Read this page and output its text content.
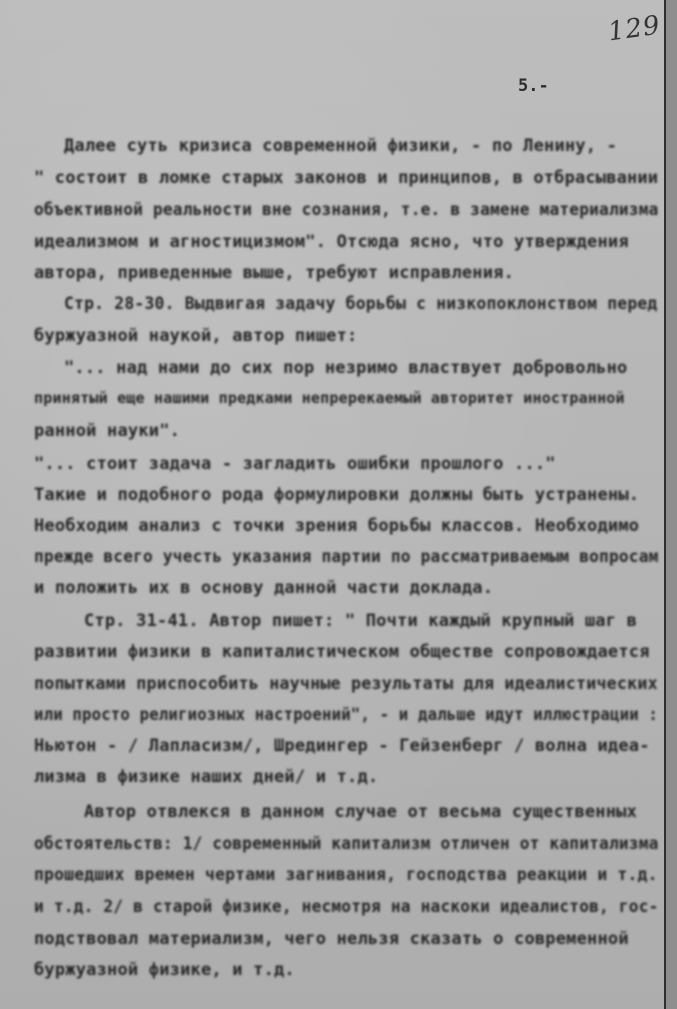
129
5.-
Далее суть кризиса современной физики, - по Ленину, -
" состоит в ломке старых законов и принципов, в отбрасывании
объективной реальности вне сознания, т.е. в замене материализма
идеализмом и агностицизмом". Отсюда ясно, что утверждения
автора, приведенные выше, требуют исправления.
Стр. 28-30. Выдвигая задачу борьбы с низкопоклонством перед
буржуазной наукой, автор пишет:
"... над нами до сих пор незримо властвует добровольно
принятый еще нашими предками непререкаемый авторитет иностранной
ранной науки".
"... стоит задача - загладить ошибки прошлого ..."
Такие и подобного рода формулировки должны быть устранены.
Необходим анализ с точки зрения борьбы классов. Необходимо
прежде всего учесть указания партии по рассматриваемым вопросам
и положить их в основу данной части доклада.
Стр. 31-41. Автор пишет: " Почти каждый крупный шаг в
развитии физики в капиталистическом обществе сопровождается
попытками приспособить научные результаты для идеалистических
или просто религиозных настроений", - и дальше идут иллюстрации :
Ньютон - / Лапласизм/, Шредингер - Гейзенберг / волна идеа-
лизма в физике наших дней/ и т.д.
Автор отвлекся в данном случае от весьма существенных
обстоятельств: 1/ современный капитализм отличен от капитализма
прошедших времен чертами загнивания, господства реакции и т.д.
и т.д. 2/ в старой физике, несмотря на наскоки идеалистов, гос-
подствовал материализм, чего нельзя сказать о современной
буржуазной физике, и т.д.
